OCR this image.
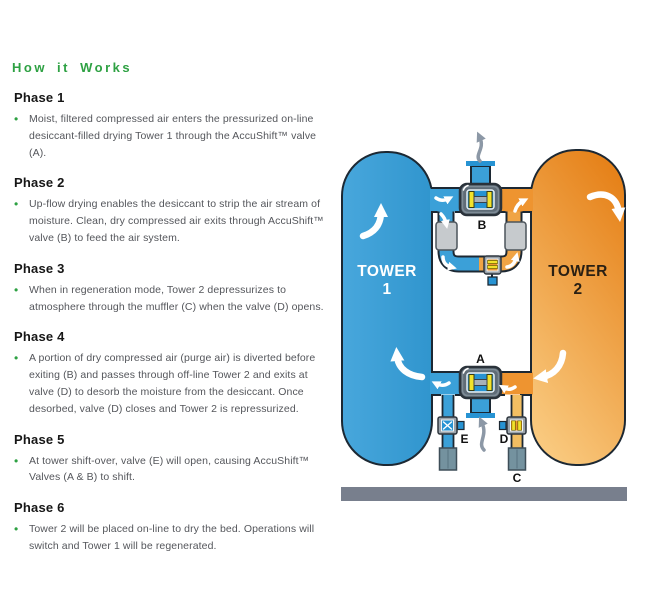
How it Works
Phase 1

• Moist, filtered compressed air enters the pressurized on-line desiccant-filled drying Tower 1 through the AccuShift™ valve (A).

Phase 2

• Up-flow drying enables the desiccant to strip the air stream of moisture. Clean, dry compressed air exits through AccuShift™ valve (B) to feed the air system.

Phase 3

• When in regeneration mode, Tower 2 depressurizes to atmosphere through the muffler (C) when the valve (D) opens.

Phase 4

• A portion of dry compressed air (purge air) is diverted before exiting (B) and passes through off-line Tower 2 and exits at valve (D) to desorb the moisture from the desiccant. Once desorbed, valve (D) closes and Tower 2 is repressurized.

Phase 5

• At tower shift-over, valve (E) will open, causing AccuShift™ Valves (A & B) to shift.

Phase 6

• Tower 2 will be placed on-line to dry the bed. Operations will switch and Tower 1 will be regenerated.

B
E	D
C
A
TOWER
1
TOWER
2
